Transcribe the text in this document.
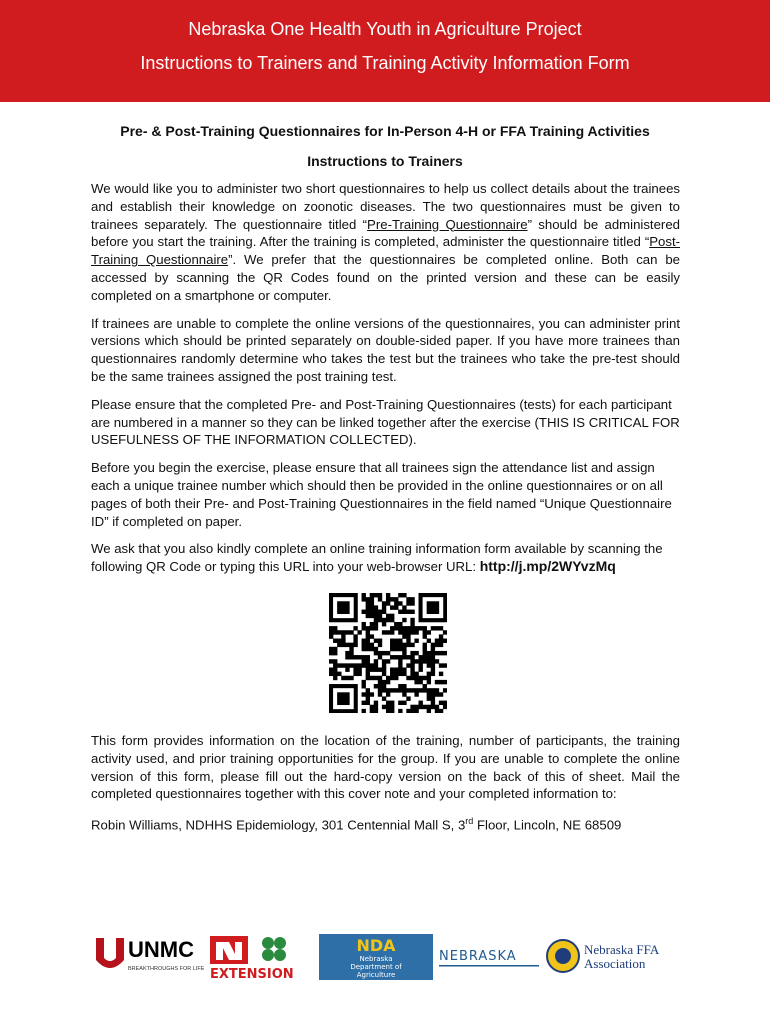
Nebraska One Health Youth in Agriculture Project
Instructions to Trainers and Training Activity Information Form
Pre- & Post-Training Questionnaires for In-Person 4-H or FFA Training Activities
Instructions to Trainers

We would like you to administer two short questionnaires to help us collect details about the trainees and establish their knowledge on zoonotic diseases. The two questionnaires must be given to trainees separately. The questionnaire titled “Pre-Training Questionnaire” should be administered before you start the training. After the training is completed, administer the questionnaire titled “Post-Training Questionnaire”. We prefer that the questionnaires be completed online. Both can be accessed by scanning the QR Codes found on the printed version and these can be easily completed on a smartphone or computer.

If trainees are unable to complete the online versions of the questionnaires, you can administer print versions which should be printed separately on double-sided paper. If you have more trainees than questionnaires randomly determine who takes the test but the trainees who take the pre-test should be the same trainees assigned the post training test.

Please ensure that the completed Pre- and Post-Training Questionnaires (tests) for each participant are numbered in a manner so they can be linked together after the exercise (THIS IS CRITICAL FOR USEFULNESS OF THE INFORMATION COLLECTED).

Before you begin the exercise, please ensure that all trainees sign the attendance list and assign each a unique trainee number which should then be provided in the online questionnaires or on all pages of both their Pre- and Post-Training Questionnaires in the field named “Unique Questionnaire ID” if completed on paper.

We ask that you also kindly complete an online training information form available by scanning the following QR Code or typing this URL into your web-browser URL: http://j.mp/2WYvzMq

This form provides information on the location of the training, number of participants, the training activity used, and prior training opportunities for the group. If you are unable to complete the online version of this form, please fill out the hard-copy version on the back of this of sheet. Mail the completed questionnaires together with this cover note and your completed information to:

Robin Williams, NDHHS Epidemiology, 301 Centennial Mall S, 3rd Floor, Lincoln, NE 68509

UNMC
BREAKTHROUGHS FOR LIFE EXTENSION
NDA
Nebraska
Department of
Agriculture
NEBRASKA	Nebraska FFA
Association
